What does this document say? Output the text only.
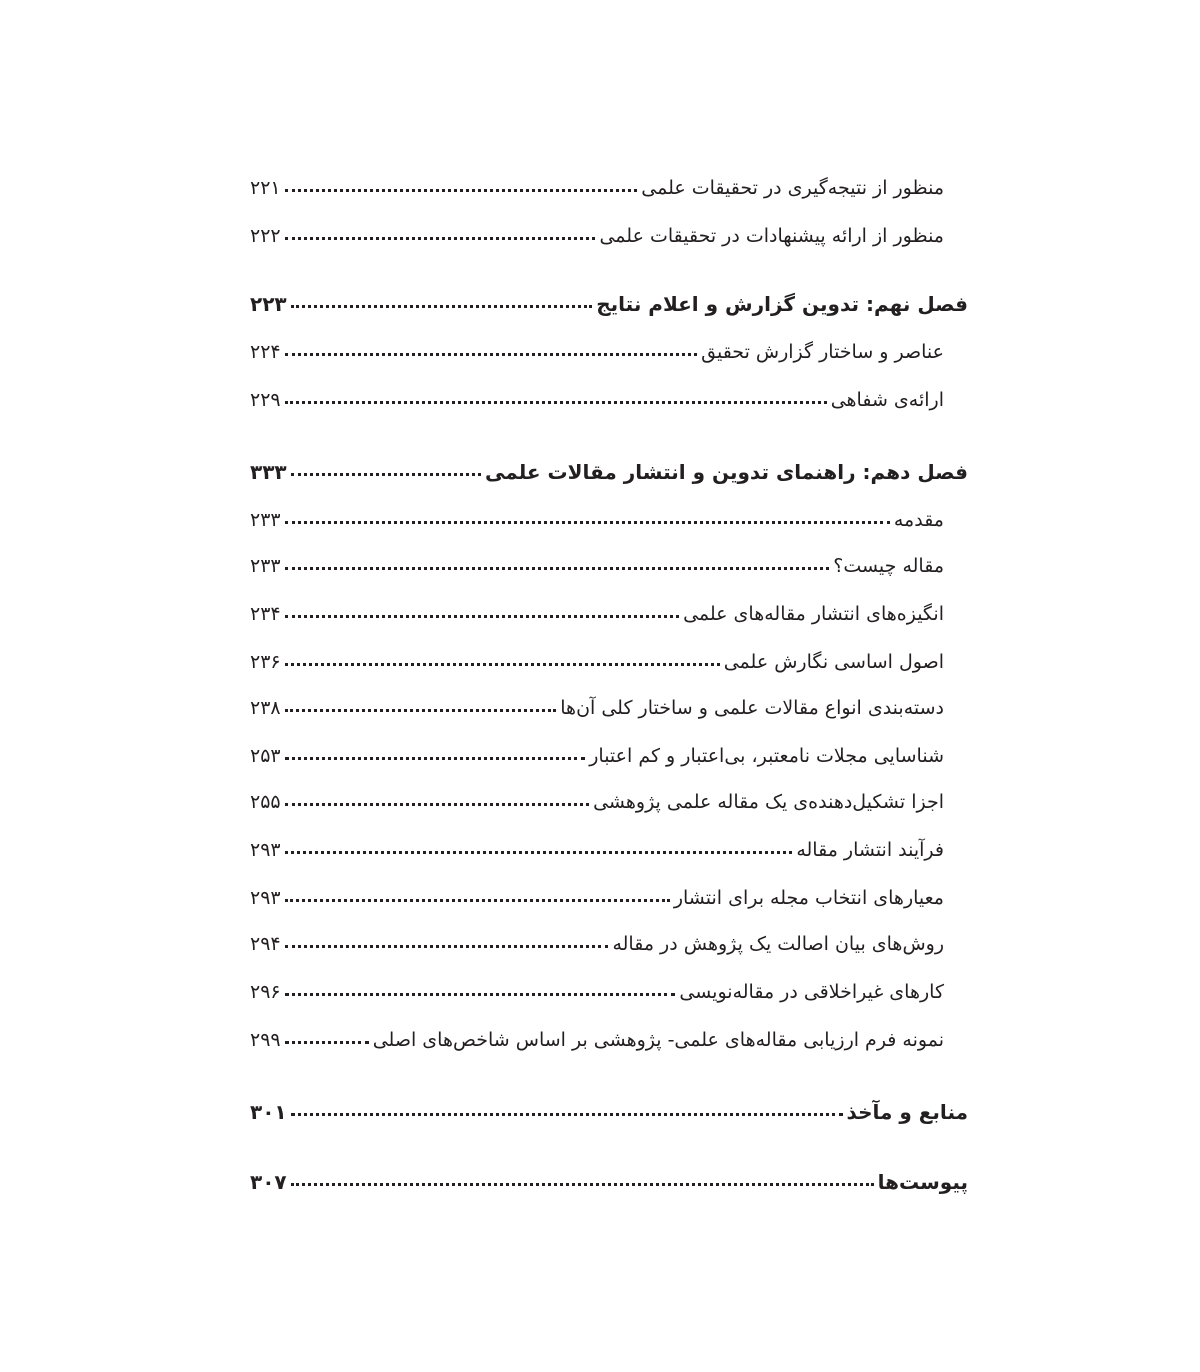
منظور از نتیجه‌گیری در تحقیقات علمی
۲۲۱
منظور از ارائه پیشنهادات در تحقیقات علمی
۲۲۲
فصل نهم: تدوین گزارش و اعلام نتایج
۲۲۳
عناصر و ساختار گزارش تحقیق
۲۲۴
ارائه‌ی شفاهی
۲۲۹
فصل دهم: راهنمای تدوین و انتشار مقالات علمی
۳۳۳
مقدمه
۲۳۳
مقاله چیست؟
۲۳۳
انگیزه‌های انتشار مقاله‌های علمی
۲۳۴
اصول اساسی نگارش علمی
۲۳۶
دسته‌بندی انواع مقالات علمی و ساختار کلی آن‌ها
۲۳۸
شناسایی مجلات نامعتبر، بی‌اعتبار و کم اعتبار
۲۵۳
اجزا تشکیل‌دهنده‌ی یک مقاله علمی پژوهشی
۲۵۵
فرآیند انتشار مقاله
۲۹۳
معیارهای انتخاب مجله برای انتشار
۲۹۳
روش‌های بیان اصالت یک پژوهش در مقاله
۲۹۴
کارهای غیراخلاقی در مقاله‌نویسی
۲۹۶
نمونه فرم ارزیابی مقاله‌های علمی- پژوهشی بر اساس شاخص‌های اصلی
۲۹۹
منابع و مآخذ
۳۰۱
پیوست‌ها
۳۰۷
